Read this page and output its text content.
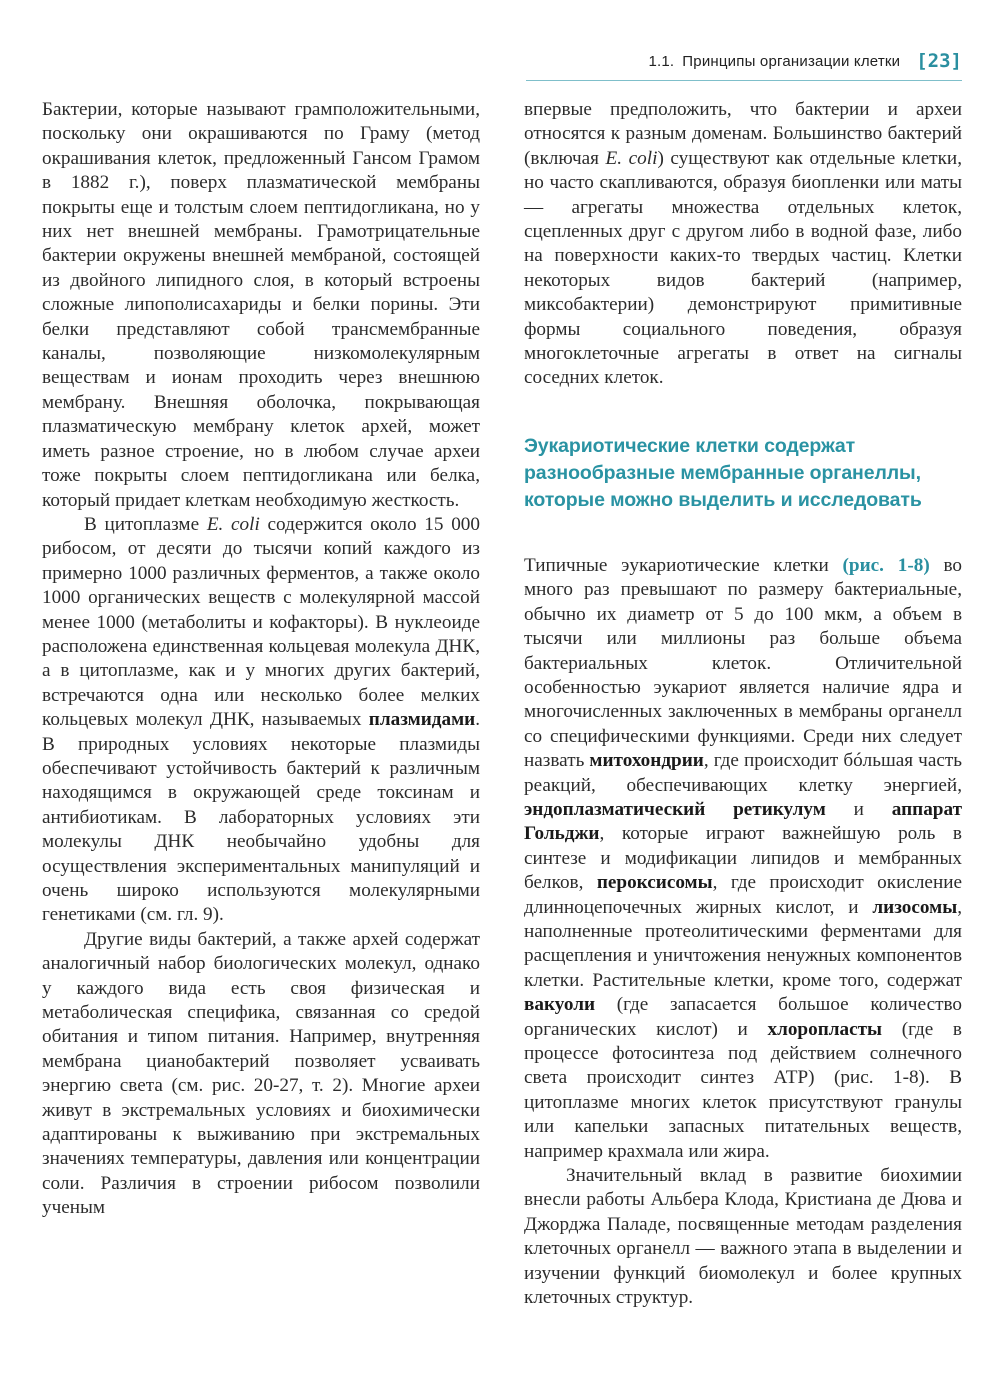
1.1. Принципы организации клетки [23]

Бактерии, которые называют грамположительными, поскольку они окрашиваются по Граму (метод окрашивания клеток, предложенный Гансом Грамом в 1882 г.), поверх плазматической мембраны покрыты еще и толстым слоем пептидогликана, но у них нет внешней мембраны. Грамотрицательные бактерии окружены внешней мембраной, состоящей из двойного липидного слоя, в который встроены сложные липополисахариды и белки порины. Эти белки представляют собой трансмембранные каналы, позволяющие низкомолекулярным веществам и ионам проходить через внешнюю мембрану. Внешняя оболочка, покрывающая плазматическую мембрану клеток архей, может иметь разное строение, но в любом случае археи тоже покрыты слоем пептидогликана или белка, который придает клеткам необходимую жесткость.

В цитоплазме E. coli содержится около 15 000 рибосом, от десяти до тысячи копий каждого из примерно 1000 различных ферментов, а также около 1000 органических веществ с молекулярной массой менее 1000 (метаболиты и кофакторы). В нуклеоиде расположена единственная кольцевая молекула ДНК, а в цитоплазме, как и у многих других бактерий, встречаются одна или несколько более мелких кольцевых молекул ДНК, называемых плазмидами. В природных условиях некоторые плазмиды обеспечивают устойчивость бактерий к различным находящимся в окружающей среде токсинам и антибиотикам. В лабораторных условиях эти молекулы ДНК необычайно удобны для осуществления экспериментальных манипуляций и очень широко используются молекулярными генетиками (см. гл. 9).

Другие виды бактерий, а также архей содержат аналогичный набор биологических молекул, однако у каждого вида есть своя физическая и метаболическая специфика, связанная со средой обитания и типом питания. Например, внутренняя мембрана цианобактерий позволяет усваивать энергию света (см. рис. 20-27, т. 2). Многие археи живут в экстремальных условиях и биохимически адаптированы к выживанию при экстремальных значениях температуры, давления или концентрации соли. Различия в строении рибосом позволили ученым

впервые предположить, что бактерии и археи относятся к разным доменам. Большинство бактерий (включая E. coli) существуют как отдельные клетки, но часто скапливаются, образуя биопленки или маты — агрегаты множества отдельных клеток, сцепленных друг с другом либо в водной фазе, либо на поверхности каких-то твердых частиц. Клетки некоторых видов бактерий (например, миксобактерии) демонстрируют примитивные формы социального поведения, образуя многоклеточные агрегаты в ответ на сигналы соседних клеток.

Эукариотические клетки содержат разнообразные мембранные органеллы, которые можно выделить и исследовать

Типичные эукариотические клетки (рис. 1-8) во много раз превышают по размеру бактериальные, обычно их диаметр от 5 до 100 мкм, а объем в тысячи или миллионы раз больше объема бактериальных клеток. Отличительной особенностью эукариот является наличие ядра и многочисленных заключенных в мембраны органелл со специфическими функциями. Среди них следует назвать митохондрии, где происходит бóльшая часть реакций, обеспечивающих клетку энергией, эндоплазматический ретикулум и аппарат Гольджи, которые играют важнейшую роль в синтезе и модификации липидов и мембранных белков, пероксисомы, где происходит окисление длинноцепочечных жирных кислот, и лизосомы, наполненные протеолитическими ферментами для расщепления и уничтожения ненужных компонентов клетки. Растительные клетки, кроме того, содержат вакуоли (где запасается большое количество органических кислот) и хлоропласты (где в процессе фотосинтеза под действием солнечного света происходит синтез АТР) (рис. 1-8). В цитоплазме многих клеток присутствуют гранулы или капельки запасных питательных веществ, например крахмала или жира.

Значительный вклад в развитие биохимии внесли работы Альбера Клода, Кристиана де Дюва и Джорджа Паладе, посвященные методам разделения клеточных органелл — важного этапа в выделении и изучении функций биомолекул и более крупных клеточных структур.
